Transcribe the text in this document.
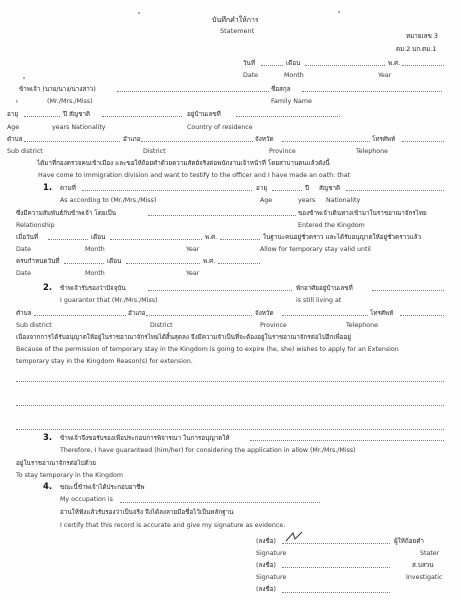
บันทึกคำให้การ
Statement
หมายเลข 3
ตม.2 บก.ตม.1
วันที่	เดือน	พ.ศ.
Date	Month	Year
ข้าพเจ้า (นาย/นาง/นางสาว)	ชื่อสกุล
ı	(Mr./Mrs./Miss)	Family Name
อายุ	ปี สัญชาติ	อยู่บ้านเลขที่
Age	years Nationality	Country of residence
ตำบล	อำเภอ	จังหวัด	โทรศัพท์
Sub district	District	Province	Telephone
ได้มาที่กองตรวจคนเข้าเมือง และขอให้ถ้อยคำด้วยความสัตย์จริงต่อพนักงานเจ้าหน้าที่ โดยสาบานตนแล้วดังนี้
Have come to immigration division and want to testify to the officer and I have made an oath: that
1. ตามที่	อายุ	ปี สัญชาติ
As according to (Mr./Mrs./Miss)	Age	years Nationality
ซึ่งมีความสัมพันธ์กับข้าพเจ้า โดยเป็น	ของข้าพเจ้าเดินทางเข้ามาในราชอาณาจักรไทย
Relationship	Entered the Kingdom
เมื่อวันที่	เดือน	พ.ศ.	ในฐานะคนอยู่ชั่วคราว และได้รับอนุญาตให้อยู่ชั่วคราวแล้ว
Date	Month	Year	Allow for temporary stay valid until
ครบกำหนดวันที่	เดือน	พ.ศ.
Date	Month	Year
2. ข้าพเจ้ารับรองว่าปัจจุบัน	พักอาศัยอยู่บ้านเลขที่
I guarantor that (Mr./Mrs./Miss)	is still living at
ตำบล	อำเภอ	จังหวัด	โทรศัพท์
Sub district	District	Province	Telephone
เนื่องจากการได้รับอนุญาตให้อยู่ในราชอาณาจักรไทยได้สิ้นสุดลง จึงมีความจำเป็นที่จะต้องอยู่ในราชอาณาจักรต่อไปอีกเพื่ออยู่
Because of the permission of temporary stay in the Kingdom is going to expire (he, she) wishes to apply for an Extension
temporary stay in the Kingdom Reason(s) for extension.
3. ข้าพเจ้าจึงขอรับรองเพื่อประกอบการพิจารณา ในการอนุญาตให้
Therefore, I have guaranteed (him/her) for considering the application in allow (Mr./Mrs./Miss)
อยู่ในราชอาณาจักรต่อไปด้วย
To stay temporary in the Kingdom
4. ขณะนี้ข้าพเจ้าได้ประกอบอาชีพ
My occupation is
อ่านให้ฟังแล้วรับรองว่าเป็นจริง จึงได้ลงลายมือชื่อไว้เป็นหลักฐาน
I certify that this record is accurate and give my signature as evidence.
(ลงชื่อ)	ผู้ให้ถ้อยคำ
Signature	Stater
(ลงชื่อ)	ส.บสวน
Signature	Investigatic
(ลงชื่อ)
